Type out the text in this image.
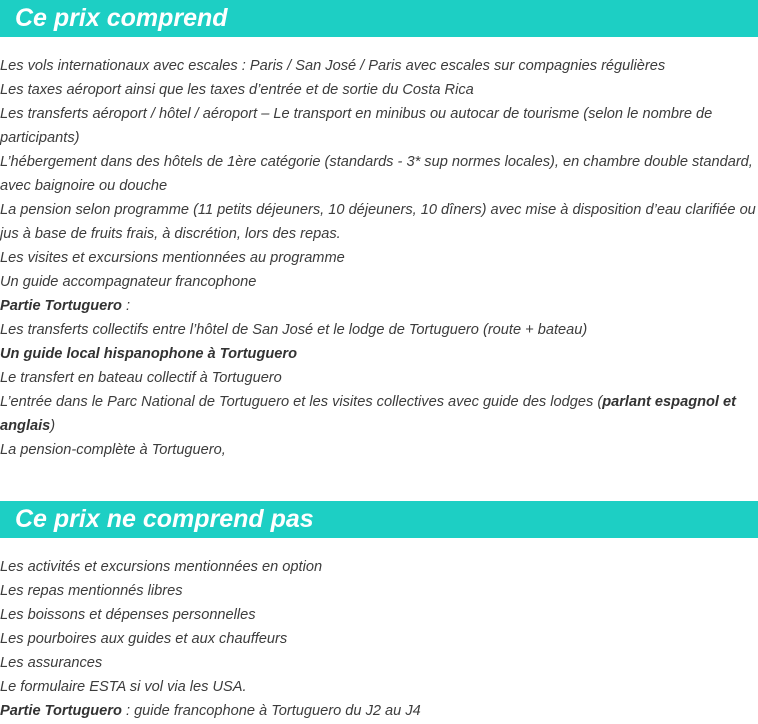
Ce prix comprend
Les vols internationaux avec escales : Paris / San José / Paris avec escales sur compagnies régulières
Les taxes aéroport ainsi que les taxes d’entrée et de sortie du Costa Rica
Les transferts aéroport / hôtel / aéroport – Le transport en minibus ou autocar de tourisme (selon le nombre de participants)
L’hébergement dans des hôtels de 1ère catégorie (standards - 3* sup normes locales), en chambre double standard, avec baignoire ou douche
La pension selon programme (11 petits déjeuners, 10 déjeuners, 10 dîners) avec mise à disposition d’eau clarifiée ou jus à base de fruits frais, à discrétion, lors des repas.
Les visites et excursions mentionnées au programme
Un guide accompagnateur francophone
Partie Tortuguero :
Les transferts collectifs entre l’hôtel de San José et le lodge de Tortuguero (route + bateau)
Un guide local hispanophone à Tortuguero
Le transfert en bateau collectif à Tortuguero
L’entrée dans le Parc National de Tortuguero et les visites collectives avec guide des lodges (parlant espagnol et anglais)
La pension-complète à Tortuguero,
Ce prix ne comprend pas
Les activités et excursions mentionnées en option
Les repas mentionnés libres
Les boissons et dépenses personnelles
Les pourboires aux guides et aux chauffeurs
Les assurances
Le formulaire ESTA si vol via les USA.
Partie Tortuguero : guide francophone à Tortuguero du J2 au J4
